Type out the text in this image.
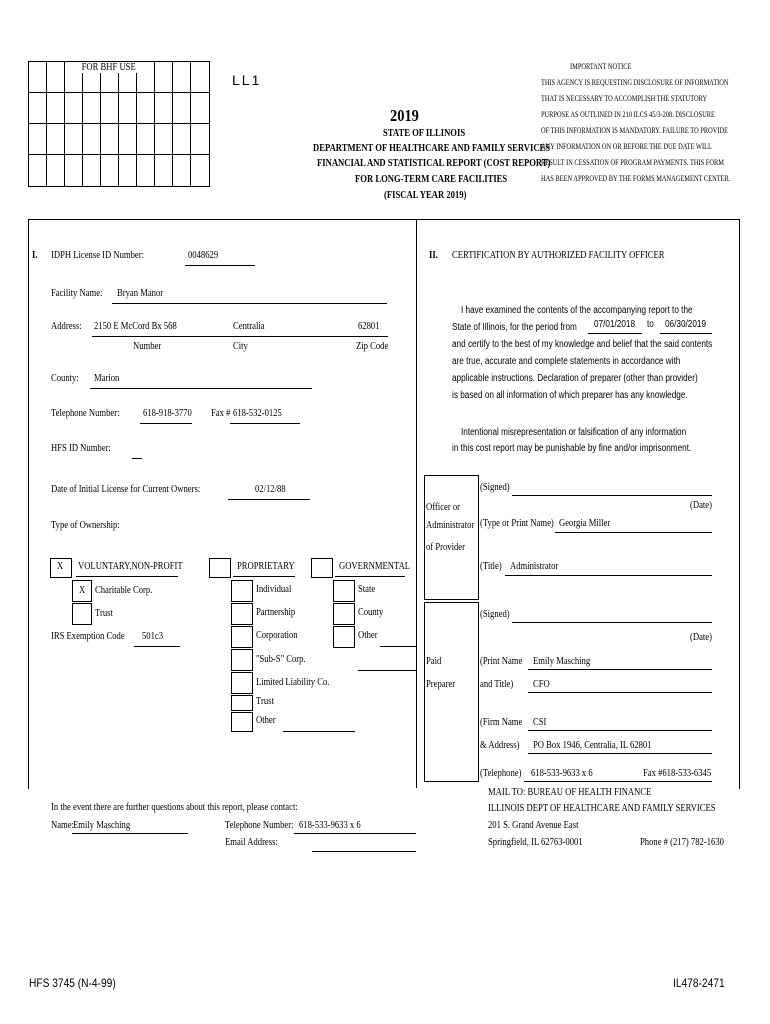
FOR BHF USE
LL1
2019
STATE OF ILLINOIS
DEPARTMENT OF HEALTHCARE AND FAMILY SERVICES
FINANCIAL AND STATISTICAL REPORT (COST REPORT)
FOR LONG-TERM CARE FACILITIES
(FISCAL YEAR 2019)
IMPORTANT NOTICE
THIS AGENCY IS REQUESTING DISCLOSURE OF INFORMATION
THAT IS NECESSARY TO ACCOMPLISH THE STATUTORY
PURPOSE AS OUTLINED IN 210 ILCS 45/3-208. DISCLOSURE
OF THIS INFORMATION IS MANDATORY. FAILURE TO PROVIDE
ANY INFORMATION ON OR BEFORE THE DUE DATE WILL
RESULT IN CESSATION OF PROGRAM PAYMENTS. THIS FORM
HAS BEEN APPROVED BY THE FORMS MANAGEMENT CENTER.
I. IDPH License ID Number:	0048629
Facility Name: Bryan Manor
Address: 2150 E McCord Bx 568	Centralia	62801
Number	City	Zip Code
County: Marion
Telephone Number: 618-918-3770 Fax # 618-532-0125
HFS ID Number:
Date of Initial License for Current Owners:	02/12/88
Type of Ownership:
X VOLUNTARY,NON-PROFIT
X Charitable Corp.
Trust
IRS Exemption Code 501c3
PROPRIETARY
Individual
Partnership
Corporation
"Sub-S" Corp.
Limited Liability Co.
Trust
Other
GOVERNMENTAL
State
County
Other
In the event there are further questions about this report, please contact:
Name: Emily Masching	Telephone Number: 618-533-9633 x 6
Email Address:
II. CERTIFICATION BY AUTHORIZED FACILITY OFFICER
I have examined the contents of the accompanying report to the
State of Illinois, for the period from 07/01/2018 to 06/30/2019
and certify to the best of my knowledge and belief that the said contents
are true, accurate and complete statements in accordance with
applicable instructions. Declaration of preparer (other than provider)
is based on all information of which preparer has any knowledge.
Intentional misrepresentation or falsification of any information
in this cost report may be punishable by fine and/or imprisonment.
Officer or
Administrator
of Provider
(Signed)
(Date)
(Type or Print Name) Georgia Miller
(Title) Administrator
Paid
Preparer
(Signed)
(Date)
(Print Name Emily Masching
and Title) CFO
(Firm Name CSI
& Address) PO Box 1946, Centralia, IL 62801
(Telephone) 618-533-9633 x 6	Fax #618-533-6345
MAIL TO: BUREAU OF HEALTH FINANCE
ILLINOIS DEPT OF HEALTHCARE AND FAMILY SERVICES
201 S. Grand Avenue East
Springfield, IL 62763-0001	Phone # (217) 782-1630
HFS 3745 (N-4-99)	IL478-2471
